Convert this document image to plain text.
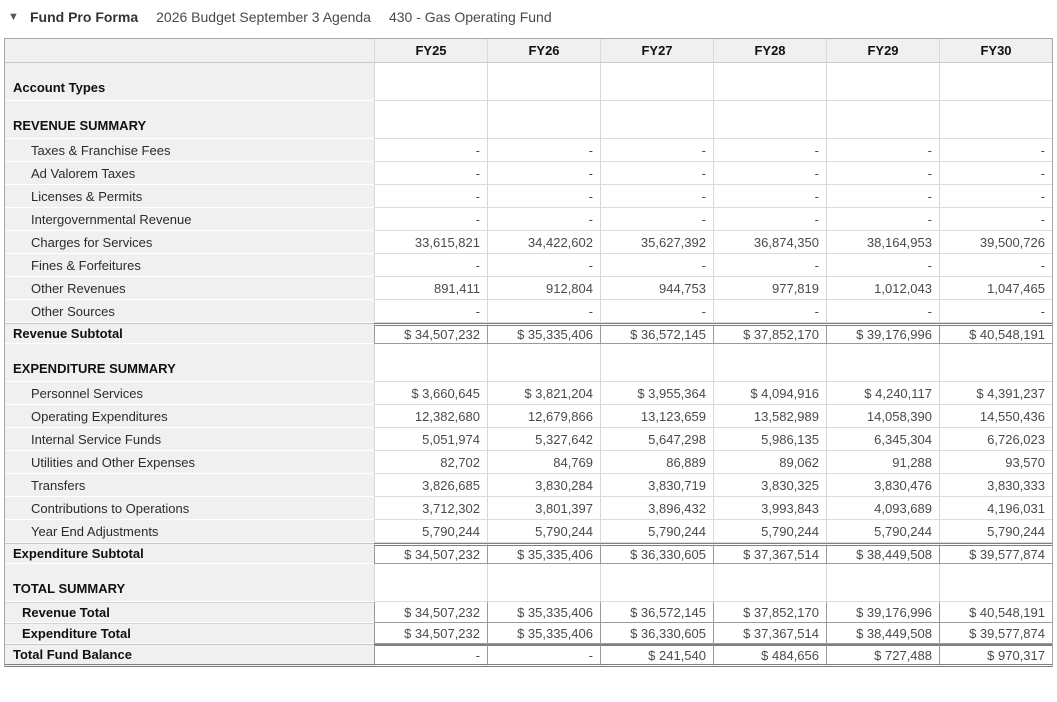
▼ Fund Pro Forma 2026 Budget September 3 Agenda 430 - Gas Operating Fund
	FY25	FY26	FY27	FY28	FY29	FY30
Account Types						
REVENUE SUMMARY						
Taxes & Franchise Fees	-	-	-	-	-	-
Ad Valorem Taxes	-	-	-	-	-	-
Licenses & Permits	-	-	-	-	-	-
Intergovernmental Revenue	-	-	-	-	-	-
Charges for Services	33,615,821	34,422,602	35,627,392	36,874,350	38,164,953	39,500,726
Fines & Forfeitures	-	-	-	-	-	-
Other Revenues	891,411	912,804	944,753	977,819	1,012,043	1,047,465
Other Sources	-	-	-	-	-	-
Revenue Subtotal	$ 34,507,232	$ 35,335,406	$ 36,572,145	$ 37,852,170	$ 39,176,996	$ 40,548,191
EXPENDITURE SUMMARY						
Personnel Services	$ 3,660,645	$ 3,821,204	$ 3,955,364	$ 4,094,916	$ 4,240,117	$ 4,391,237
Operating Expenditures	12,382,680	12,679,866	13,123,659	13,582,989	14,058,390	14,550,436
Internal Service Funds	5,051,974	5,327,642	5,647,298	5,986,135	6,345,304	6,726,023
Utilities and Other Expenses	82,702	84,769	86,889	89,062	91,288	93,570
Transfers	3,826,685	3,830,284	3,830,719	3,830,325	3,830,476	3,830,333
Contributions to Operations	3,712,302	3,801,397	3,896,432	3,993,843	4,093,689	4,196,031
Year End Adjustments	5,790,244	5,790,244	5,790,244	5,790,244	5,790,244	5,790,244
Expenditure Subtotal	$ 34,507,232	$ 35,335,406	$ 36,330,605	$ 37,367,514	$ 38,449,508	$ 39,577,874
TOTAL SUMMARY						
Revenue Total	$ 34,507,232	$ 35,335,406	$ 36,572,145	$ 37,852,170	$ 39,176,996	$ 40,548,191
Expenditure Total	$ 34,507,232	$ 35,335,406	$ 36,330,605	$ 37,367,514	$ 38,449,508	$ 39,577,874
Total Fund Balance	-	-	$ 241,540	$ 484,656	$ 727,488	$ 970,317
